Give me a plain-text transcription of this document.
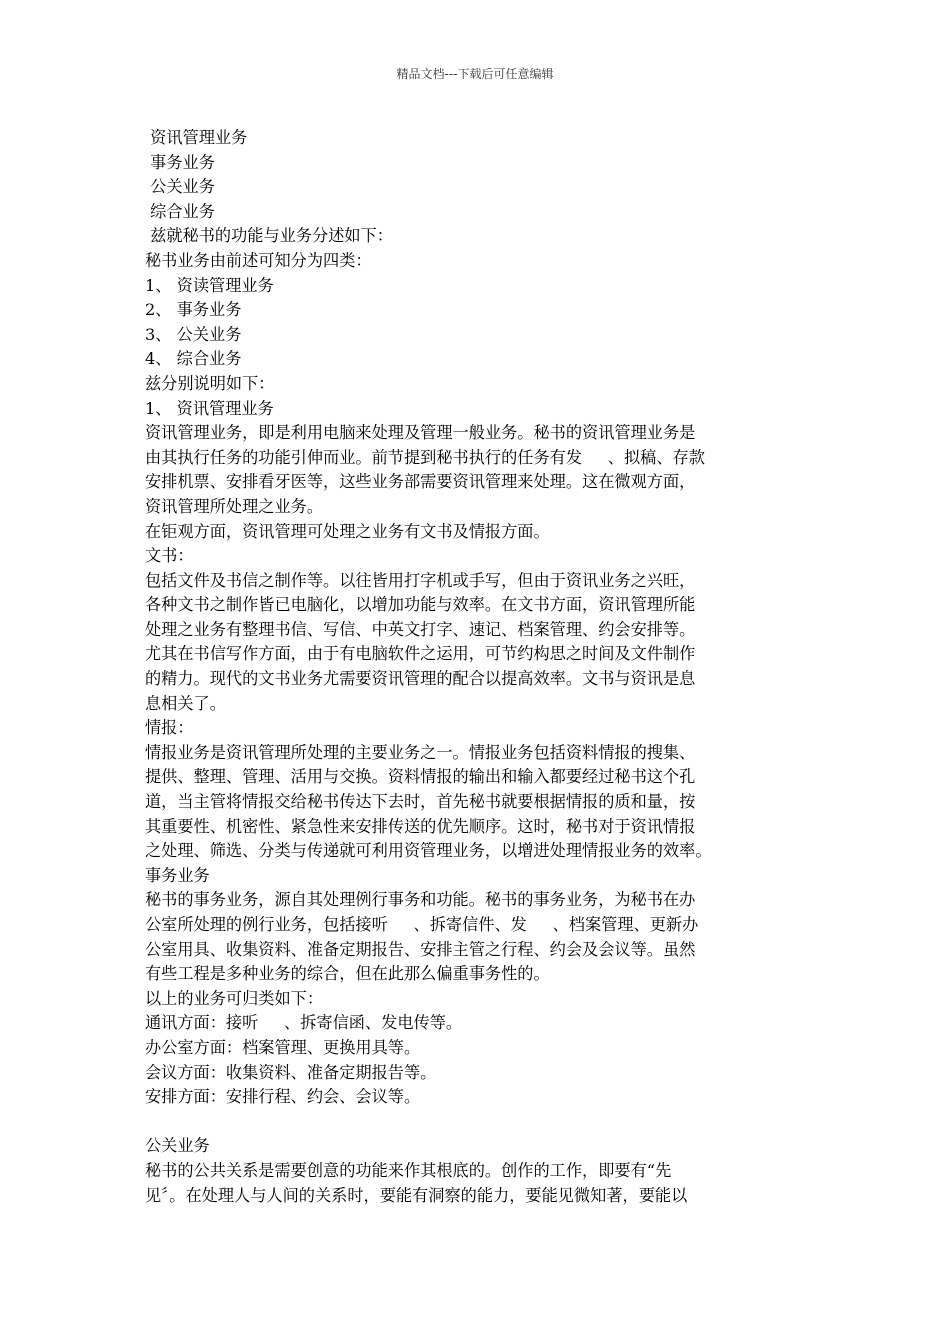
精品文档---下载后可任意编辑
资讯管理业务
事务业务
公关业务
综合业务
兹就秘书的功能与业务分述如下：
秘书业务由前述可知分为四类：
1、 资读管理业务
2、 事务业务
3、 公关业务
4、 综合业务
兹分别说明如下：
1、 资讯管理业务
资讯管理业务，即是利用电脑来处理及管理一般业务。秘书的资讯管理业务是
由其执行任务的功能引伸而业。前节提到秘书执行的任务有发     、拟稿、存款
安排机票、安排看牙医等，这些业务部需要资讯管理来处理。这在微观方面，
资讯管理所处理之业务。
在钜观方面，资讯管理可处理之业务有文书及情报方面。
文书：
包括文件及书信之制作等。以往皆用打字机或手写，但由于资讯业务之兴旺，
各种文书之制作皆已电脑化，以增加功能与效率。在文书方面，资讯管理所能
处理之业务有整理书信、写信、中英文打字、速记、档案管理、约会安排等。
尤其在书信写作方面，由于有电脑软件之运用，可节约构思之时间及文件制作
的精力。现代的文书业务尤需要资讯管理的配合以提高效率。文书与资讯是息
息相关了。
情报：
情报业务是资讯管理所处理的主要业务之一。情报业务包括资料情报的搜集、
提供、整理、管理、活用与交换。资料情报的输出和输入都要经过秘书这个孔
道，当主管将情报交给秘书传达下去时，首先秘书就要根据情报的质和量，按
其重要性、机密性、紧急性来安排传送的优先顺序。这时，秘书对于资讯情报
之处理、筛选、分类与传递就可利用资管理业务，以增进处理情报业务的效率。
事务业务
秘书的事务业务，源自其处理例行事务和功能。秘书的事务业务，为秘书在办
公室所处理的例行业务，包括接听     、拆寄信件、发     、档案管理、更新办
公室用具、收集资料、准备定期报告、安排主管之行程、约会及会议等。虽然
有些工程是多种业务的综合，但在此那么偏重事务性的。
以上的业务可归类如下：
通讯方面：接听     、拆寄信函、发电传等。
办公室方面：档案管理、更换用具等。
会议方面：收集资料、准备定期报告等。
安排方面：安排行程、约会、会议等。
公关业务
秘书的公共关系是需要创意的功能来作其根底的。创作的工作，即要有“先
见〞。在处理人与人间的关系时，要能有洞察的能力，要能见微知著，要能以
